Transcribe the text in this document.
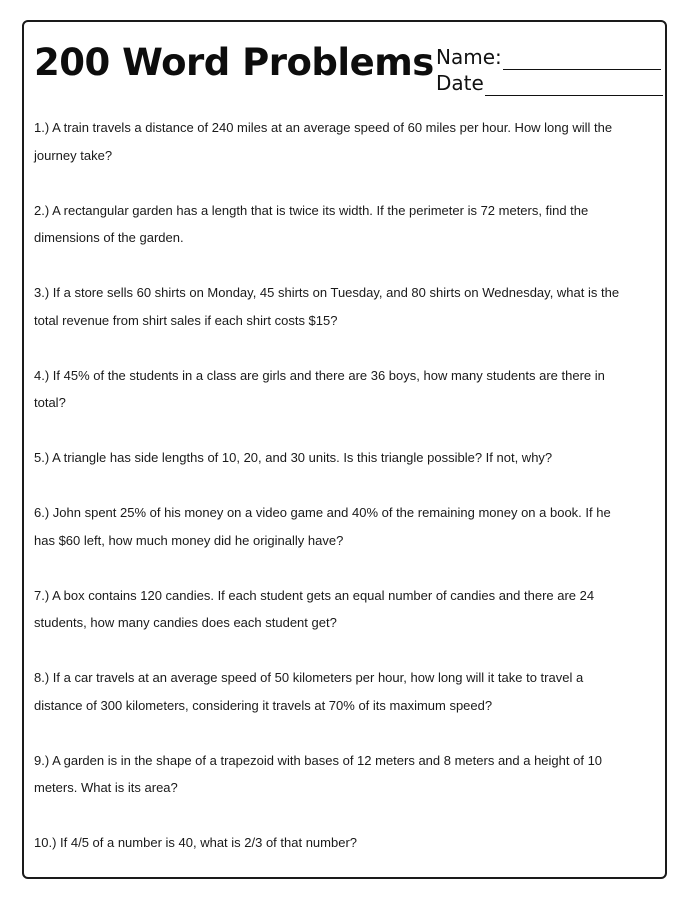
200 Word Problems Name:
Date
1.) A train travels a distance of 240 miles at an average speed of 60 miles per hour. How long will the journey take?
2.) A rectangular garden has a length that is twice its width. If the perimeter is 72 meters, find the dimensions of the garden.
3.) If a store sells 60 shirts on Monday, 45 shirts on Tuesday, and 80 shirts on Wednesday, what is the total revenue from shirt sales if each shirt costs $15?
4.) If 45% of the students in a class are girls and there are 36 boys, how many students are there in total?
5.) A triangle has side lengths of 10, 20, and 30 units. Is this triangle possible? If not, why?
6.) John spent 25% of his money on a video game and 40% of the remaining money on a book. If he has $60 left, how much money did he originally have?
7.) A box contains 120 candies. If each student gets an equal number of candies and there are 24 students, how many candies does each student get?
8.) If a car travels at an average speed of 50 kilometers per hour, how long will it take to travel a distance of 300 kilometers, considering it travels at 70% of its maximum speed?
9.) A garden is in the shape of a trapezoid with bases of 12 meters and 8 meters and a height of 10 meters. What is its area?
10.) If 4/5 of a number is 40, what is 2/3 of that number?
